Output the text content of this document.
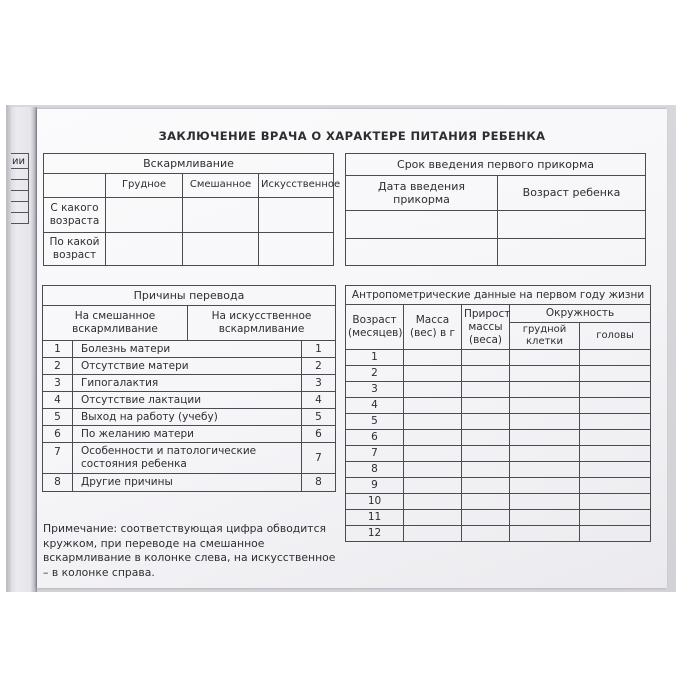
ии

ЗАКЛЮЧЕНИЕ ВРАЧА О ХАРАКТЕРЕ ПИТАНИЯ РЕБЕНКА
Вскармливание			
	Грудное	Смешанное	Искусственное
С какого возраста			
По какой возраст			
Срок введения первого прикорма	
Дата введения прикорма	Возраст ребенка

Причины перевода			
На смешанное вскармливание		На искусственное вскармливание	
1	Болезнь матери		1
2	Отсутствие матери		2
3	Гипогалактия		3
4	Отсутствие лактации		4
5	Выход на работу (учебу)		5
6	По желанию матери		6
7	Особенности и патологические состояния ребенка		7
8	Другие причины		8
Антропометрические данные на первом году жизни				
Возраст (месяцев)	Масса (вес) в г	Прирост массы (веса)	Окружность	
			грудной клетки	головы
1				
2				
3				
4				
5				
6				
7				
8				
9				
10				
11				
12				
Примечание: соответствующая цифра обводится кружком, при переводе на смешанное вскармливание в колонке слева, на искусственное – в колонке справа.
